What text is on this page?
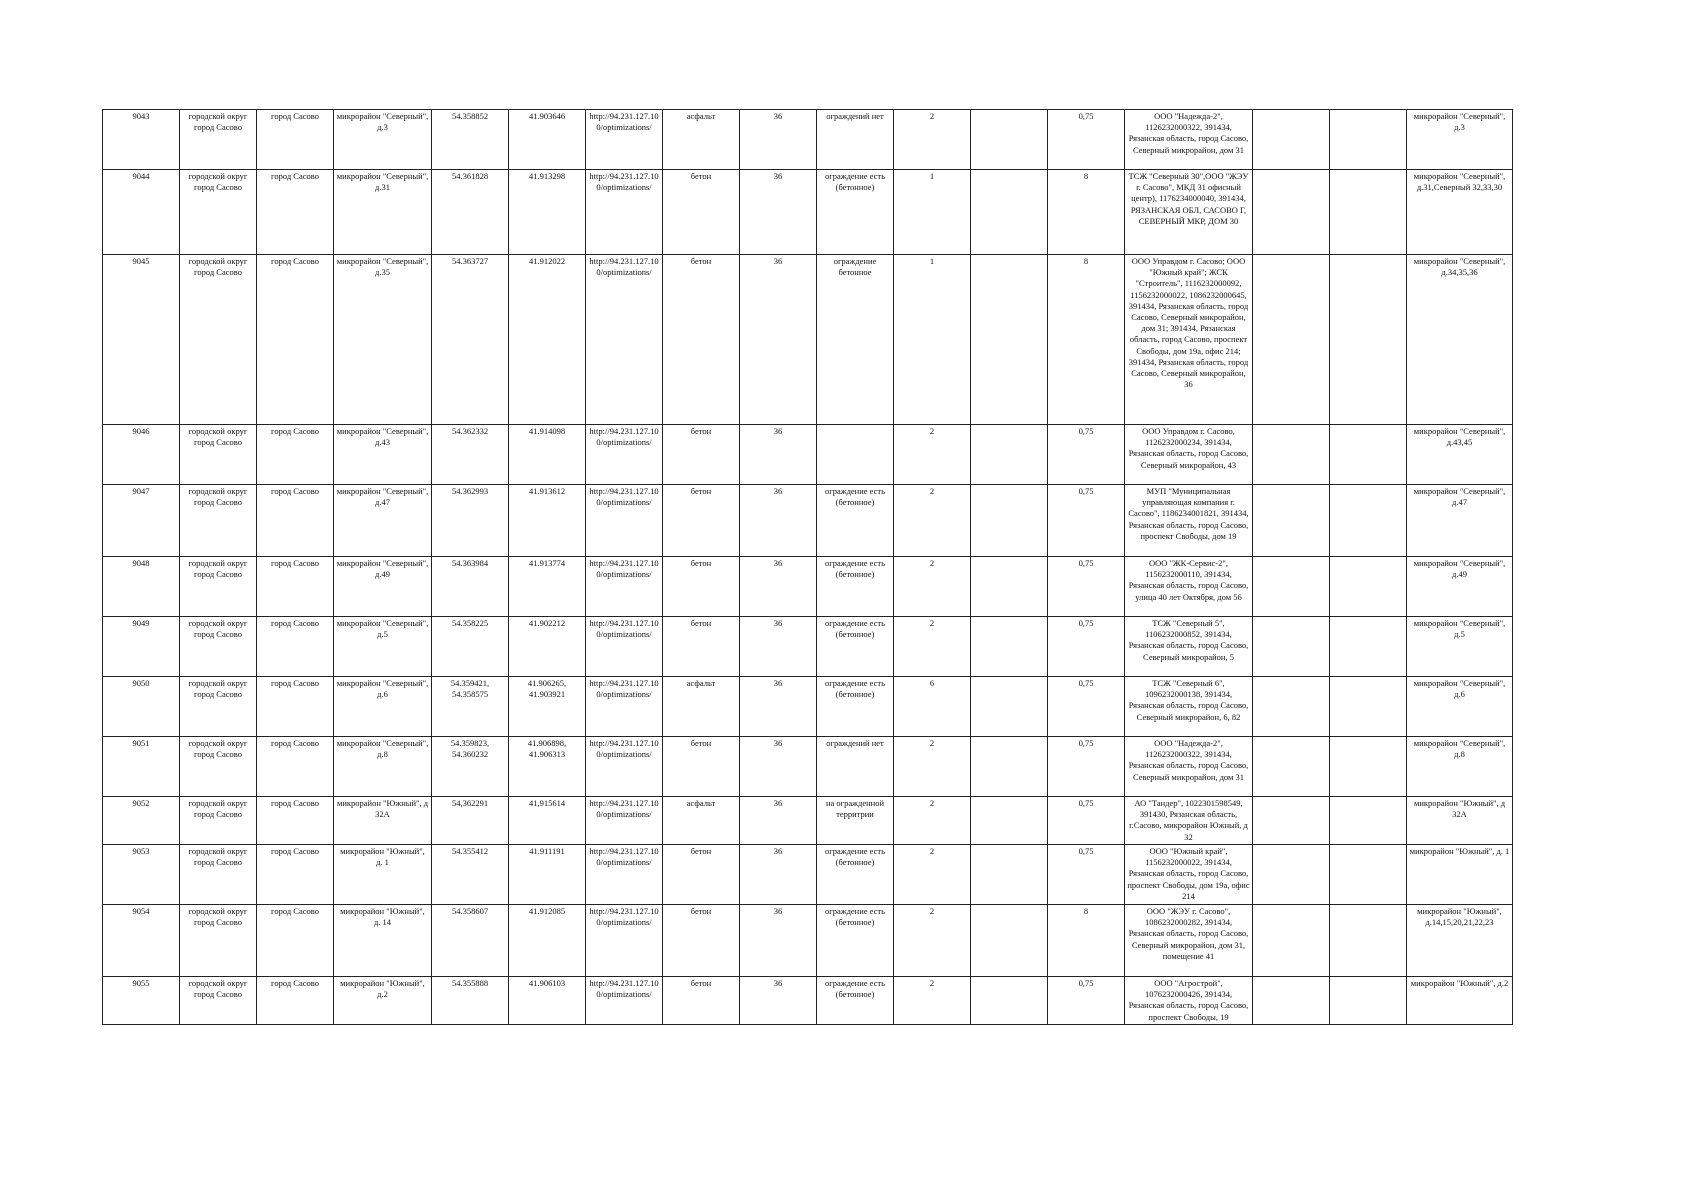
9043	городской округ город Сасово	город Сасово	микрорайон "Северный", д.3	54.358852	41.903646	http://94.231.127.100/optimizations/	асфальт	36	ограждений нет	2		0,75	ООО "Надежда-2", 1126232000322, 391434, Рязанская область, город Сасово, Северный микрорайон, дом 31			микрорайон "Северный", д.3
9044	городской округ город Сасово	город Сасово	микрорайон "Северный", д.31	54.361828	41.913298	http://94.231.127.100/optimizations/	бетон	36	ограждение есть (бетонное)	1		8	ТСЖ "Северный 30",ООО "ЖЭУ г. Сасово", МКД 31 офисный центр), 1176234000040, 391434, РЯЗАНСКАЯ ОБЛ, САСОВО Г, СЕВЕРНЫЙ МКР, ДОМ 30			микрорайон "Северный", д.31,Северный 32,33,30
9045	городской округ город Сасово	город Сасово	микрорайон "Северный", д.35	54.363727	41.912022	http://94.231.127.100/optimizations/	бетон	36	ограждение бетонное	1		8	ООО Управдом г. Сасово; ООО "Южный край"; ЖСК "Строитель", 1116232000092, 1156232000022, 1086232000645, 391434, Рязанская область, город Сасово, Северный микрорайон, дом 31; 391434, Рязанская область, город Сасово, проспект Свободы, дом 19а, офис 214; 391434, Рязанская область, город Сасово, Северный микрорайон, 36			микрорайон "Северный", д.34,35,36
9046	городской округ город Сасово	город Сасово	микрорайон "Северный", д.43	54.362332	41.914098	http://94.231.127.100/optimizations/	бетон	36		2		0,75	ООО Управдом г. Сасово, 1126232000234, 391434, Рязанская область, город Сасово, Северный микрорайон, 43			микрорайон "Северный", д.43,45
9047	городской округ город Сасово	город Сасово	микрорайон "Северный", д.47	54.362993	41.913612	http://94.231.127.100/optimizations/	бетон	36	ограждение есть (бетонное)	2		0,75	МУП "Муниципальная управляющая компания г. Сасово", 1186234001821, 391434, Рязанская область, город Сасово, проспект Свободы, дом 19			микрорайон "Северный", д.47
9048	городской округ город Сасово	город Сасово	микрорайон "Северный", д.49	54.363984	41.913774	http://94.231.127.100/optimizations/	бетон	36	ограждение есть (бетонное)	2		0,75	ООО "ЖК-Сервис-2", 1156232000110, 391434, Рязанская область, город Сасово, улица 40 лет Октября, дом 56			микрорайон "Северный", д.49
9049	городской округ город Сасово	город Сасово	микрорайон "Северный", д.5	54.358225	41.902212	http://94.231.127.100/optimizations/	бетон	36	ограждение есть (бетонное)	2		0,75	ТСЖ "Северный 5", 1106232000852, 391434, Рязанская область, город Сасово, Северный микрорайон, 5			микрорайон "Северный", д.5
9050	городской округ город Сасово	город Сасово	микрорайон "Северный", д.6	54.359421, 54.358575	41.906265, 41.903921	http://94.231.127.100/optimizations/	асфальт	36	ограждение есть (бетонное)	6		0,75	ТСЖ "Северный 6", 1096232000138, 391434, Рязанская область, город Сасово, Северный микрорайон, 6, 82			микрорайон "Северный", д.6
9051	городской округ город Сасово	город Сасово	микрорайон "Северный", д.8	54.359823, 54.360232	41.906898, 41.906313	http://94.231.127.100/optimizations/	бетон	36	ограждений нет	2		0,75	ООО "Надежда-2", 1126232000322, 391434, Рязанская область, город Сасово, Северный микрорайон, дом 31			микрорайон "Северный", д.8
9052	городской округ город Сасово	город Сасово	микрорайон "Южный", д 32А	54,362291	41,915614	http://94.231.127.100/optimizations/	асфальт	36	на огражденной территрии	2		0,75	АО "Тандер", 1022301598549, 391430, Рязанская область, г.Сасово, микрорайон Южный, д 32			микрорайон "Южный", д 32А
9053	городской округ город Сасово	город Сасово	микрорайон "Южный", д. 1	54.355412	41.911191	http://94.231.127.100/optimizations/	бетон	36	ограждение есть (бетонное)	2		0,75	ООО "Южный край", 1156232000022, 391434, Рязанская область, город Сасово, проспект Свободы, дом 19а, офис 214			микрорайон "Южный", д. 1
9054	городской округ город Сасово	город Сасово	микрорайон "Южный", д. 14	54.358607	41.912085	http://94.231.127.100/optimizations/	бетон	36	ограждение есть (бетонное)	2		8	ООО "ЖЭУ г. Сасово", 1086232000282, 391434, Рязанская область, город Сасово, Северный микрорайон, дом 31, помещение 41			микрорайон "Южный", д.14,15,20,21,22,23
9055	городской округ город Сасово	город Сасово	микрорайон "Южный", д.2	54.355888	41.906103	http://94.231.127.100/optimizations/	бетон	36	ограждение есть (бетонное)	2		0,75	ООО "Агрострой", 1076232000426, 391434, Рязанская область, город Сасово, проспект Свободы, 19			микрорайон "Южный", д.2
